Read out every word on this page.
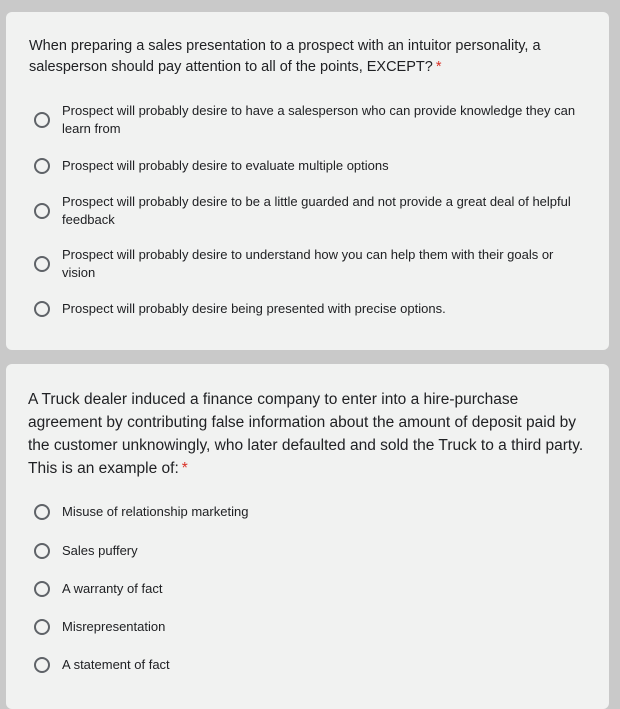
When preparing a sales presentation to a prospect with an intuitor personality, a salesperson should pay attention to all of the points, EXCEPT? *
Prospect will probably desire to have a salesperson who can provide knowledge they can learn from
Prospect will probably desire to evaluate multiple options
Prospect will probably desire to be a little guarded and not provide a great deal of helpful feedback
Prospect will probably desire to understand how you can help them with their goals or vision
Prospect will probably desire being presented with precise options.
A Truck dealer induced a finance company to enter into a hire-purchase agreement by contributing false information about the amount of deposit paid by the customer unknowingly, who later defaulted and sold the Truck to a third party. This is an example of: *
Misuse of relationship marketing
Sales puffery
A warranty of fact
Misrepresentation
A statement of fact
